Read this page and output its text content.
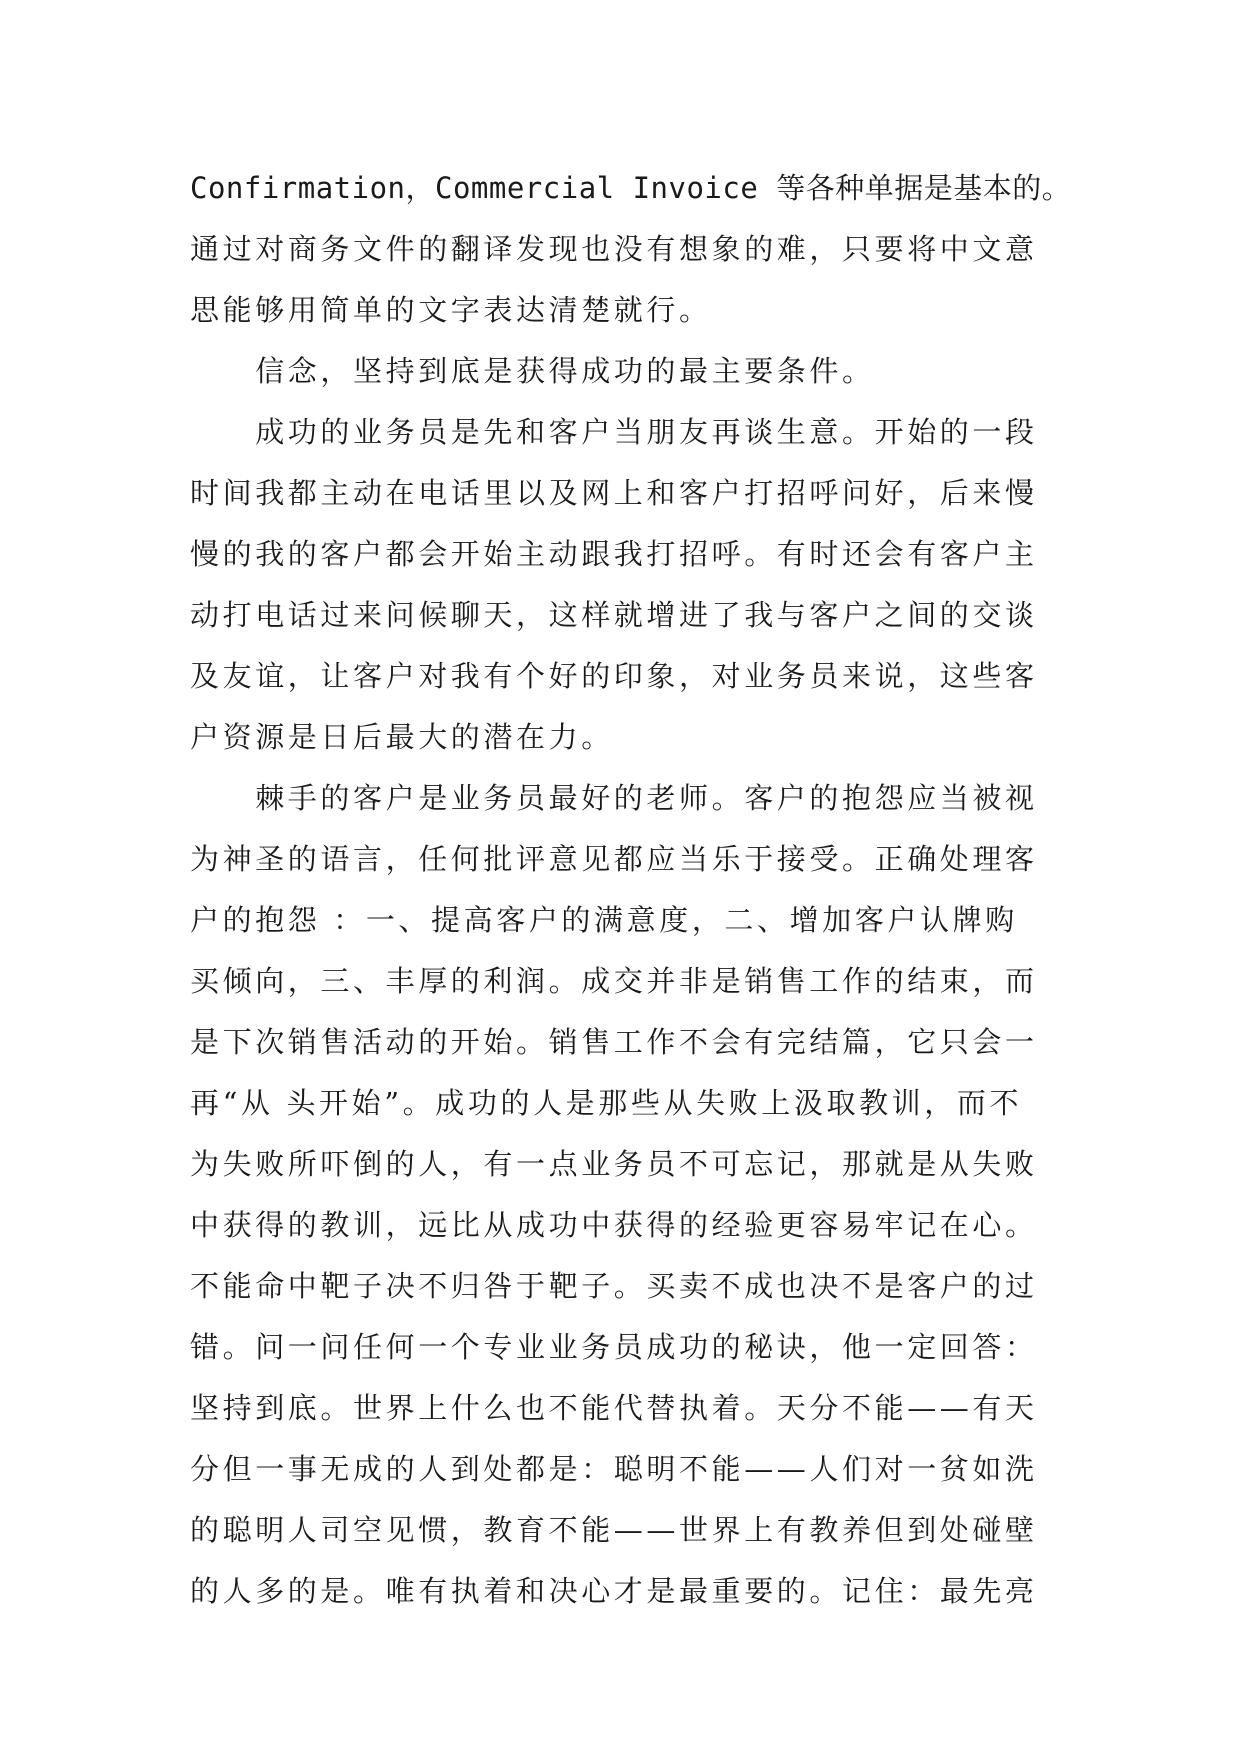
Confirmation，Commercial Invoice 等各种单据是基本的。
通过对商务文件的翻译发现也没有想象的难，只要将中文意
思能够用简单的文字表达清楚就行。
　　信念，坚持到底是获得成功的最主要条件。
　　成功的业务员是先和客户当朋友再谈生意。开始的一段
时间我都主动在电话里以及网上和客户打招呼问好，后来慢
慢的我的客户都会开始主动跟我打招呼。有时还会有客户主
动打电话过来问候聊天，这样就增进了我与客户之间的交谈
及友谊，让客户对我有个好的印象，对业务员来说，这些客
户资源是日后最大的潜在力。
　　棘手的客户是业务员最好的老师。客户的抱怨应当被视
为神圣的语言，任何批评意见都应当乐于接受。正确处理客
户的抱怨 ：一、提高客户的满意度，二、增加客户认牌购
买倾向，三、丰厚的利润。成交并非是销售工作的结束，而
是下次销售活动的开始。销售工作不会有完结篇，它只会一
再“从 头开始”。成功的人是那些从失败上汲取教训，而不
为失败所吓倒的人，有一点业务员不可忘记，那就是从失败
中获得的教训，远比从成功中获得的经验更容易牢记在心。
不能命中靶子决不归咎于靶子。买卖不成也决不是客户的过
错。问一问任何一个专业业务员成功的秘诀，他一定回答：
坚持到底。世界上什么也不能代替执着。天分不能——有天
分但一事无成的人到处都是：聪明不能——人们对一贫如洗
的聪明人司空见惯，教育不能——世界上有教养但到处碰壁
的人多的是。唯有执着和决心才是最重要的。记住：最先亮
